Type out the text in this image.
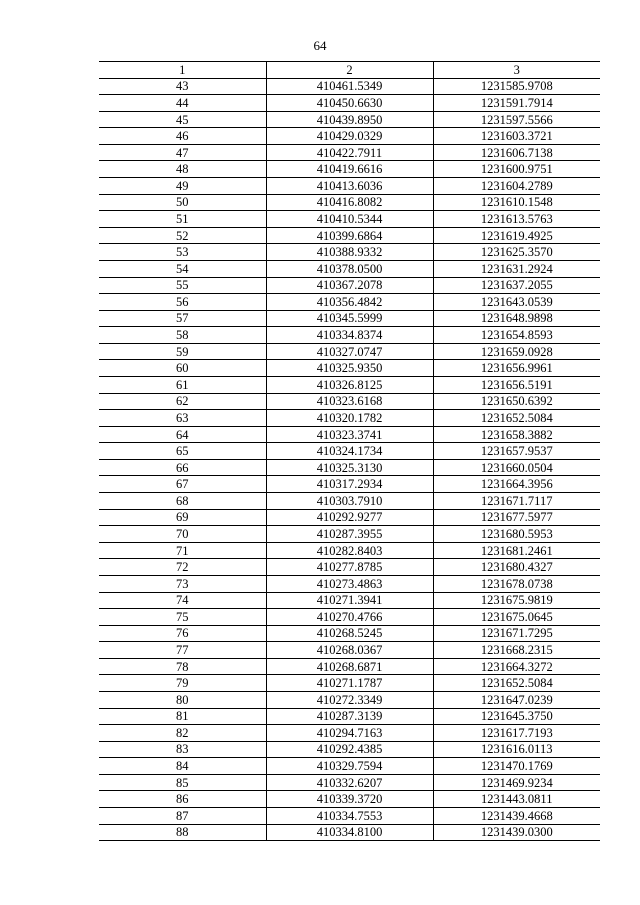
64
1	2	3
43	410461.5349	1231585.9708
44	410450.6630	1231591.7914
45	410439.8950	1231597.5566
46	410429.0329	1231603.3721
47	410422.7911	1231606.7138
48	410419.6616	1231600.9751
49	410413.6036	1231604.2789
50	410416.8082	1231610.1548
51	410410.5344	1231613.5763
52	410399.6864	1231619.4925
53	410388.9332	1231625.3570
54	410378.0500	1231631.2924
55	410367.2078	1231637.2055
56	410356.4842	1231643.0539
57	410345.5999	1231648.9898
58	410334.8374	1231654.8593
59	410327.0747	1231659.0928
60	410325.9350	1231656.9961
61	410326.8125	1231656.5191
62	410323.6168	1231650.6392
63	410320.1782	1231652.5084
64	410323.3741	1231658.3882
65	410324.1734	1231657.9537
66	410325.3130	1231660.0504
67	410317.2934	1231664.3956
68	410303.7910	1231671.7117
69	410292.9277	1231677.5977
70	410287.3955	1231680.5953
71	410282.8403	1231681.2461
72	410277.8785	1231680.4327
73	410273.4863	1231678.0738
74	410271.3941	1231675.9819
75	410270.4766	1231675.0645
76	410268.5245	1231671.7295
77	410268.0367	1231668.2315
78	410268.6871	1231664.3272
79	410271.1787	1231652.5084
80	410272.3349	1231647.0239
81	410287.3139	1231645.3750
82	410294.7163	1231617.7193
83	410292.4385	1231616.0113
84	410329.7594	1231470.1769
85	410332.6207	1231469.9234
86	410339.3720	1231443.0811
87	410334.7553	1231439.4668
88	410334.8100	1231439.0300
